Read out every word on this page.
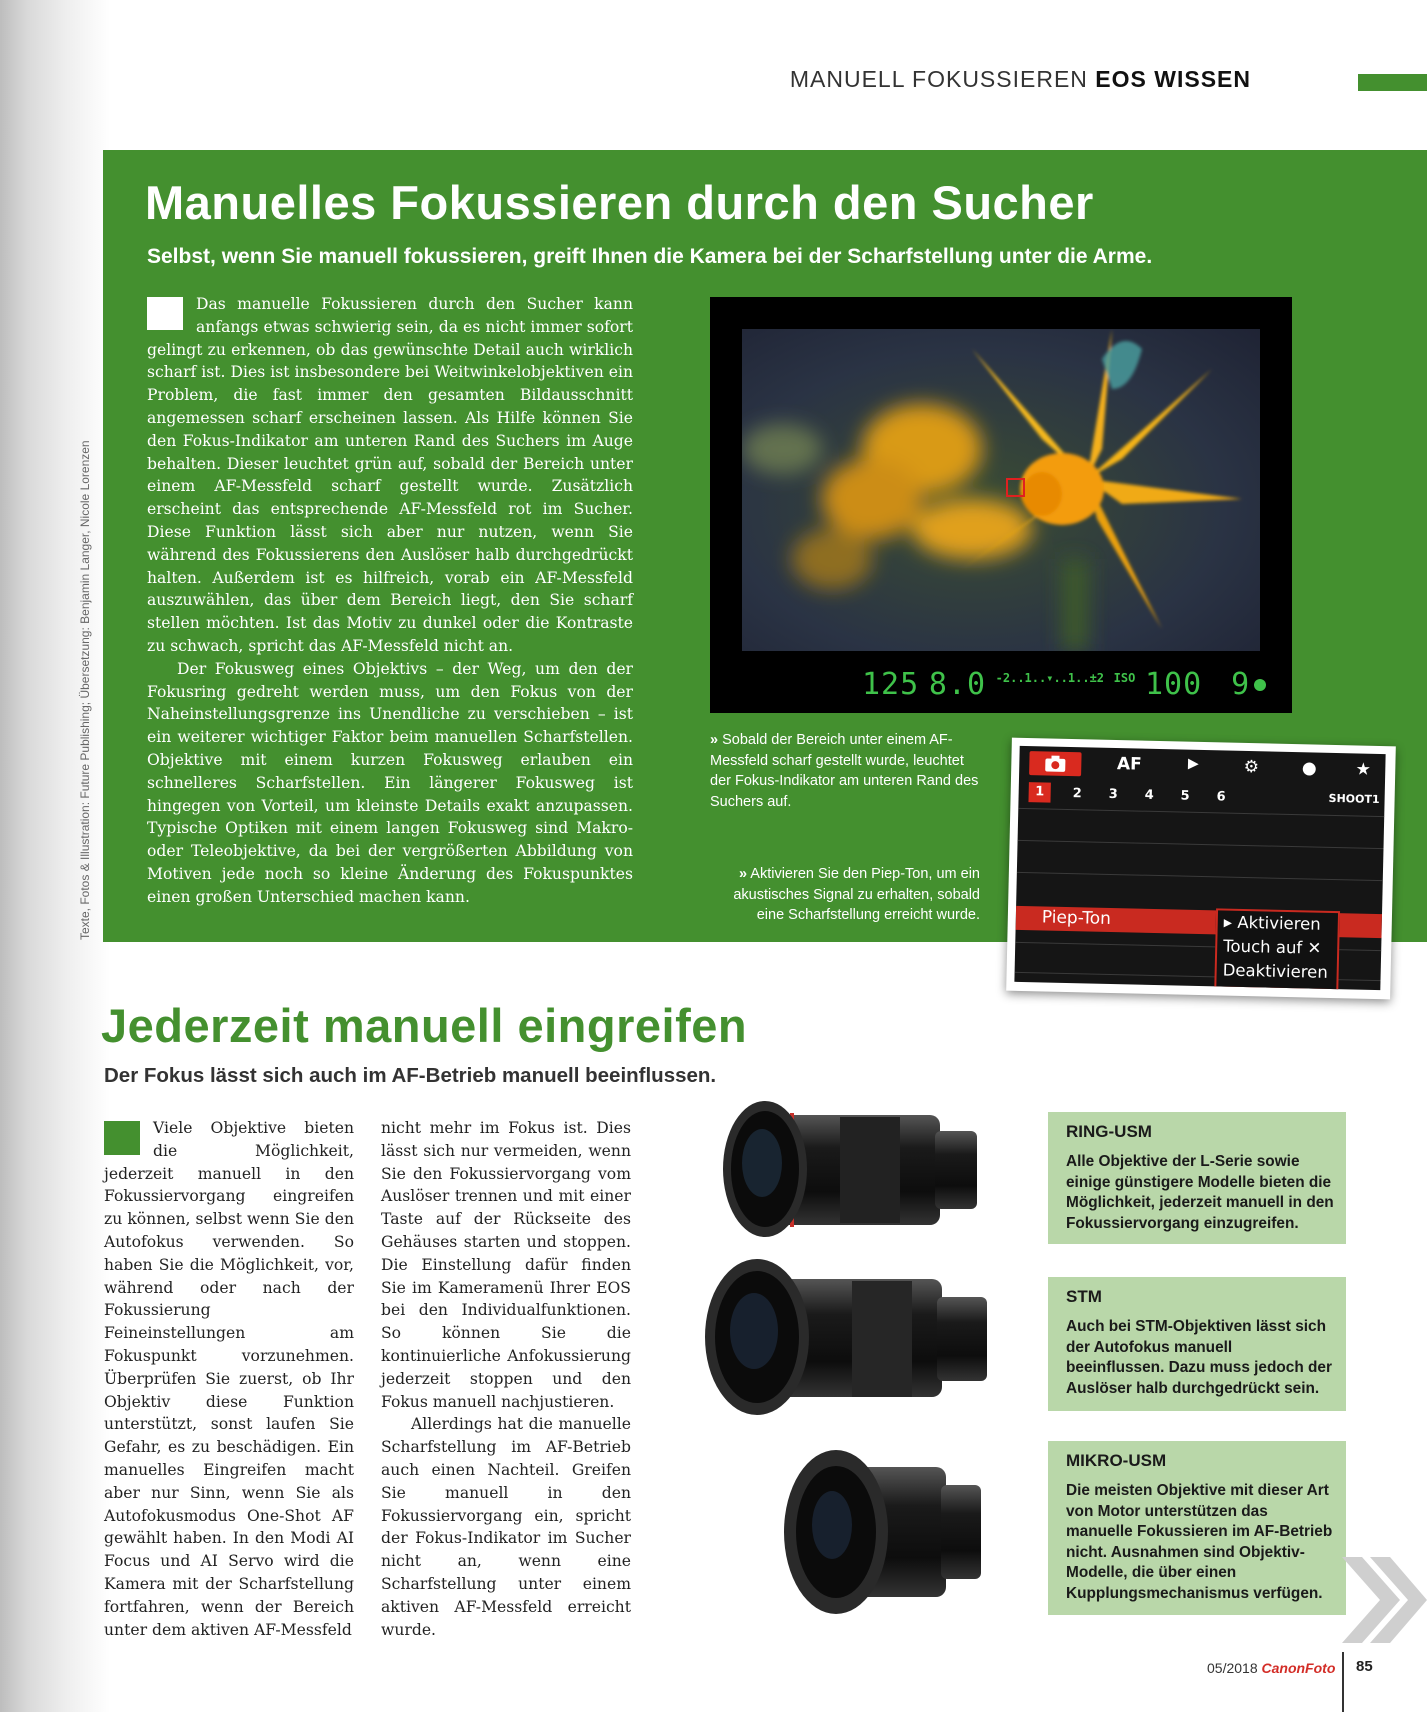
MANUELL FOKUSSIEREN EOS WISSEN
Texte, Fotos & Illustration: Future Publishing; Übersetzung: Benjamin Langer, Nicole Lorenzen
Manuelles Fokussieren durch den Sucher
Selbst, wenn Sie manuell fokussieren, greift Ihnen die Kamera bei der Scharfstellung unter die Arme.

Das manuelle Fokussieren durch den Sucher kann anfangs etwas schwierig sein, da es nicht immer sofort gelingt zu erkennen, ob das gewünschte Detail auch wirklich scharf ist. Dies ist insbesondere bei Weitwinkelobjektiven ein Problem, die fast immer den gesamten Bildausschnitt angemessen scharf erscheinen lassen. Als Hilfe können Sie den Fokus-Indikator am unteren Rand des Suchers im Auge behalten. Dieser leuchtet grün auf, sobald der Bereich unter einem AF-Messfeld scharf gestellt wurde. Zusätzlich erscheint das entsprechende AF-Messfeld rot im Sucher. Diese Funktion lässt sich aber nur nutzen, wenn Sie während des Fokussierens den Auslöser halb durchgedrückt halten. Außerdem ist es hilfreich, vorab ein AF-Messfeld auszuwählen, das über dem Bereich liegt, den Sie scharf stellen möchten. Ist das Motiv zu dunkel oder die Kontraste zu schwach, spricht das AF-Messfeld nicht an.

Der Fokusweg eines Objektivs – der Weg, um den der Fokusring gedreht werden muss, um den Fokus von der Naheinstellungsgrenze ins Unendliche zu verschieben – ist ein weiterer wichtiger Faktor beim manuellen Scharfstellen. Objektive mit einem kurzen Fokusweg erlauben ein schnelleres Scharfstellen. Ein längerer Fokusweg ist hingegen von Vorteil, um kleinste Details exakt anzupassen. Typische Optiken mit einem langen Fokusweg sind Makro- oder Teleobjektive, da bei der vergrößerten Abbildung von Motiven jede noch so kleine Änderung des Fokuspunktes einen großen Unterschied machen kann.

125 8.0 $^{-2..1..▾..1..\pm 2}$ $^{ISO}$ 100 9
» Sobald der Bereich unter einem AF-Messfeld scharf gestellt wurde, leuchtet der Fokus-Indikator am unteren Rand des Suchers auf.
» Aktivieren Sie den Piep-Ton, um ein akustisches Signal zu erhalten, sobald eine Scharfstellung erreicht wurde.
AF	▶	⚙	●	★
1	2 3 4 5 6	SHOOT1
Piep-Ton	▸ Aktivieren
Touch auf ✕
Deaktivieren
Jederzeit manuell eingreifen
Der Fokus lässt sich auch im AF-Betrieb manuell beeinflussen.

Viele Objektive bieten die Möglichkeit, jederzeit manuell in den Fokussiervorgang eingreifen zu können, selbst wenn Sie den Autofokus verwenden. So haben Sie die Möglichkeit, vor, während oder nach der Fokussierung Feineinstellungen am Fokuspunkt vorzunehmen. Überprüfen Sie zuerst, ob Ihr Objektiv diese Funktion unterstützt, sonst laufen Sie Gefahr, es zu beschädigen. Ein manuelles Eingreifen macht aber nur Sinn, wenn Sie als Autofokusmodus One-Shot AF gewählt haben. In den Modi AI Focus und AI Servo wird die Kamera mit der Scharfstellung fortfahren, wenn der Bereich unter dem aktiven AF-Messfeld

nicht mehr im Fokus ist. Dies lässt sich nur vermeiden, wenn Sie den Fokussiervorgang vom Auslöser trennen und mit einer Taste auf der Rückseite des Gehäuses starten und stoppen. Die Einstellung dafür finden Sie im Kameramenü Ihrer EOS bei den Individualfunktionen. So können Sie die kontinuierliche Anfokussierung jederzeit stoppen und den Fokus manuell nachjustieren.

Allerdings hat die manuelle Scharfstellung im AF-Betrieb auch einen Nachteil. Greifen Sie manuell in den Fokussiervorgang ein, spricht der Fokus-Indikator im Sucher nicht an, wenn eine Scharfstellung unter einem aktiven AF-Messfeld erreicht wurde.

RING-USM
Alle Objektive der L-Serie sowie einige günstigere Modelle bieten die Möglichkeit, jederzeit manuell in den Fokussiervorgang einzugreifen.
STM
Auch bei STM-Objektiven lässt sich der Autofokus manuell beeinflussen. Dazu muss jedoch der Auslöser halb durchgedrückt sein.
MIKRO-USM
Die meisten Objektive mit dieser Art von Motor unterstützen das manuelle Fokussieren im AF-Betrieb nicht. Ausnahmen sind Objektiv-Modelle, die über einen Kupplungsmechanismus verfügen.
05/2018 CanonFoto 85
